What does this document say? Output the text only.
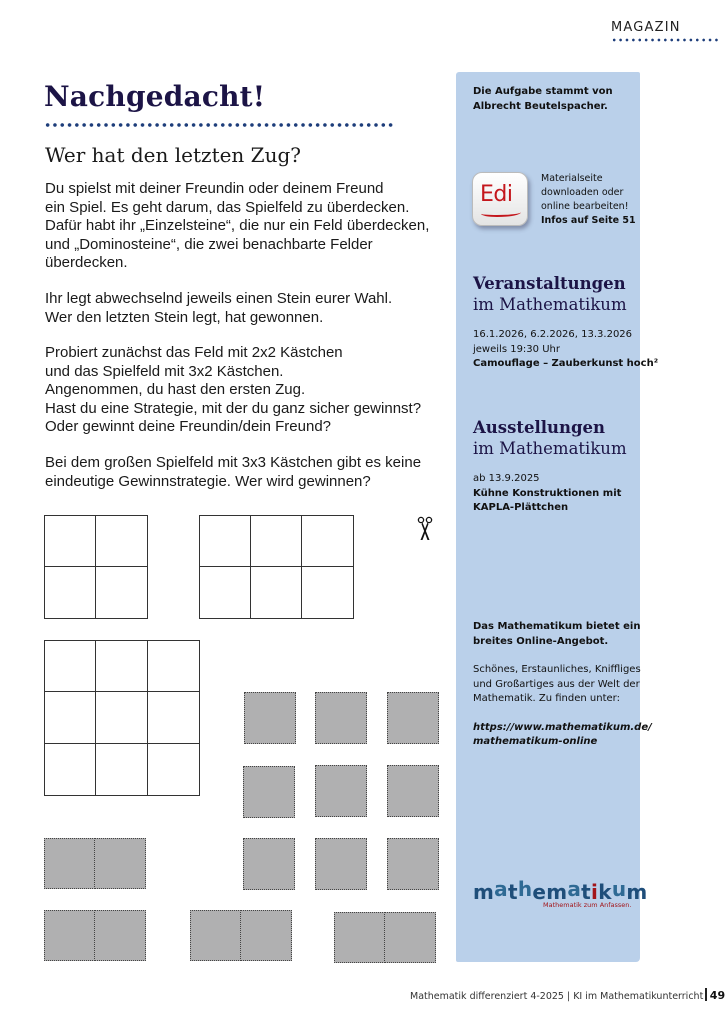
MAGAZIN
Nachgedacht!
Wer hat den letzten Zug?

Du spielst mit deiner Freundin oder deinem Freund

ein Spiel. Es geht darum, das Spielfeld zu überdecken.

Dafür habt ihr „Einzelsteine“, die nur ein Feld überdecken,

und „Dominosteine“, die zwei benachbarte Felder

überdecken.

Ihr legt abwechselnd jeweils einen Stein eurer Wahl.

Wer den letzten Stein legt, hat gewonnen.

Probiert zunächst das Feld mit 2x2 Kästchen

und das Spielfeld mit 3x2 Kästchen.

Angenommen, du hast den ersten Zug.

Hast du eine Strategie, mit der du ganz sicher gewinnst?

Oder gewinnt deine Freundin/dein Freund?

Bei dem großen Spielfeld mit 3x3 Kästchen gibt es keine

eindeutige Gewinnstrategie. Wer wird gewinnen?

Die Aufgabe stammt von
Albrecht Beutelspacher.
Edi
Materialseite
downloaden oder
online bearbeiten!
Infos auf Seite 51
Veranstaltungen
im Mathematikum
16.1.2026, 6.2.2026, 13.3.2026
jeweils 19:30 Uhr
Camouflage – Zauberkunst hoch²
Ausstellungen
im Mathematikum
ab 13.9.2025
Kühne Konstruktionen mit
KAPLA-Plättchen
Das Mathematikum bietet ein
breites Online-Angebot.
Schönes, Erstaunliches, Kniffliges
und Großartiges aus der Welt der
Mathematik. Zu finden unter:
https://www.mathematikum.de/
mathematikum-online
mathematikum
Mathematik zum Anfassen.
Mathematik differenziert 4-2025 | KI im Mathematikunterricht 49
